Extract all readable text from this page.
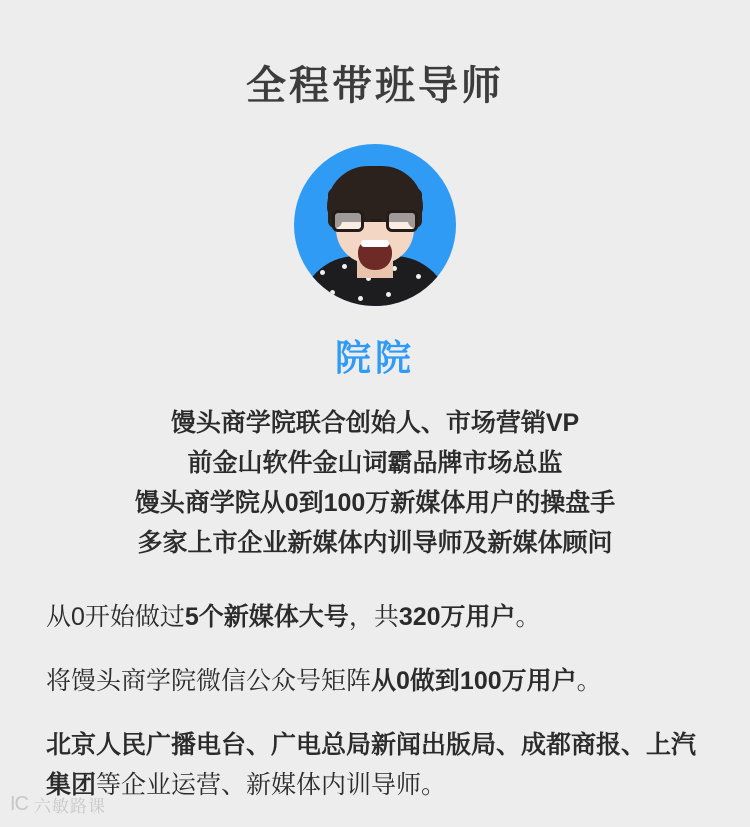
全程带班导师
院院
馒头商学院联合创始人、市场营销VP
前金山软件金山词霸品牌市场总监
馒头商学院从0到100万新媒体用户的操盘手
多家上市企业新媒体内训导师及新媒体顾问
从0开始做过5个新媒体大号，共320万用户。
将馒头商学院微信公众号矩阵从0做到100万用户。
北京人民广播电台、广电总局新闻出版局、成都商报、上汽集团等企业运营、新媒体内训导师。
IC 六敏路课
